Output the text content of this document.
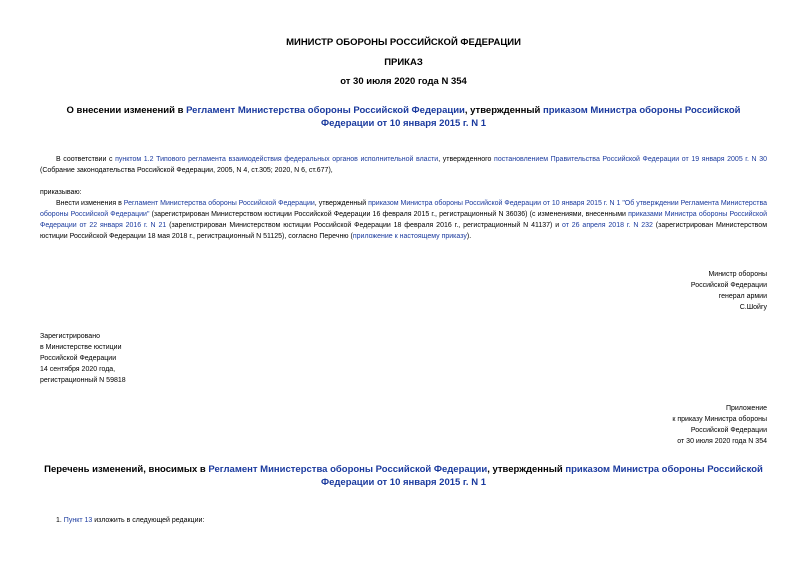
МИНИСТР ОБОРОНЫ РОССИЙСКОЙ ФЕДЕРАЦИИ
ПРИКАЗ
от 30 июля 2020 года N 354
О внесении изменений в Регламент Министерства обороны Российской Федерации, утвержденный приказом Министра обороны Российской Федерации от 10 января 2015 г. N 1
В соответствии с пунктом 1.2 Типового регламента взаимодействия федеральных органов исполнительной власти, утвержденного постановлением Правительства Российской Федерации от 19 января 2005 г. N 30 (Собрание законодательства Российской Федерации, 2005, N 4, ст.305; 2020, N 6, ст.677),
приказываю:
Внести изменения в Регламент Министерства обороны Российской Федерации, утвержденный приказом Министра обороны Российской Федерации от 10 января 2015 г. N 1 "Об утверждении Регламента Министерства обороны Российской Федерации" (зарегистрирован Министерством юстиции Российской Федерации 16 февраля 2015 г., регистрационный N 36036) (с изменениями, внесенными приказами Министра обороны Российской Федерации от 22 января 2016 г. N 21 (зарегистрирован Министерством юстиции Российской Федерации 18 февраля 2016 г., регистрационный N 41137) и от 26 апреля 2018 г. N 232 (зарегистрирован Министерством юстиции Российской Федерации 18 мая 2018 г., регистрационный N 51125), согласно Перечню (приложение к настоящему приказу).
Министр обороны
Российской Федерации
генерал армии
С.Шойгу
Зарегистрировано
в Министерстве юстиции
Российской Федерации
14 сентября 2020 года,
регистрационный N 59818
Приложение
к приказу Министра обороны
Российской Федерации
от 30 июля 2020 года N 354
Перечень изменений, вносимых в Регламент Министерства обороны Российской Федерации, утвержденный приказом Министра обороны Российской Федерации от 10 января 2015 г. N 1
1. Пункт 13 изложить в следующей редакции:
